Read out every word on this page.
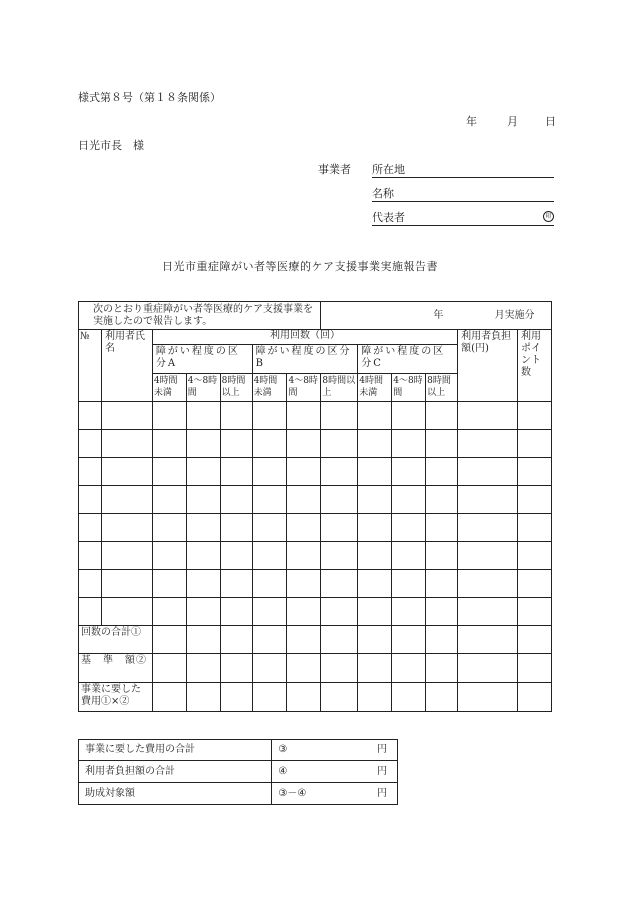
様式第８号（第１８条関係）
年	月 日
日光市長　様
事業者 所在地
名称
代表者	印
日光市重症障がい者等医療的ケア支援事業実施報告書
次のとおり重症障がい者等医療的ケア支援事業を実施したので報告します。							年 月実施分					
№	利用者氏名	利用回数（回）									利用者負担額(円)	利用ポイント数
		障がい程度の区分A			障がい程度の区分B			障がい程度の区分C				
		4時間未満	4～8時間	8時間以上	4時間未満	4～8時間	8時間以上	4時間未満	4～8時間	8時間以上		

回数の合計①												
基　準　額②												
事業に要した費用①×②												
事業に要した費用の合計	③ 円

利用者負担額の合計	④ 円

助成対象額	③－④ 円
